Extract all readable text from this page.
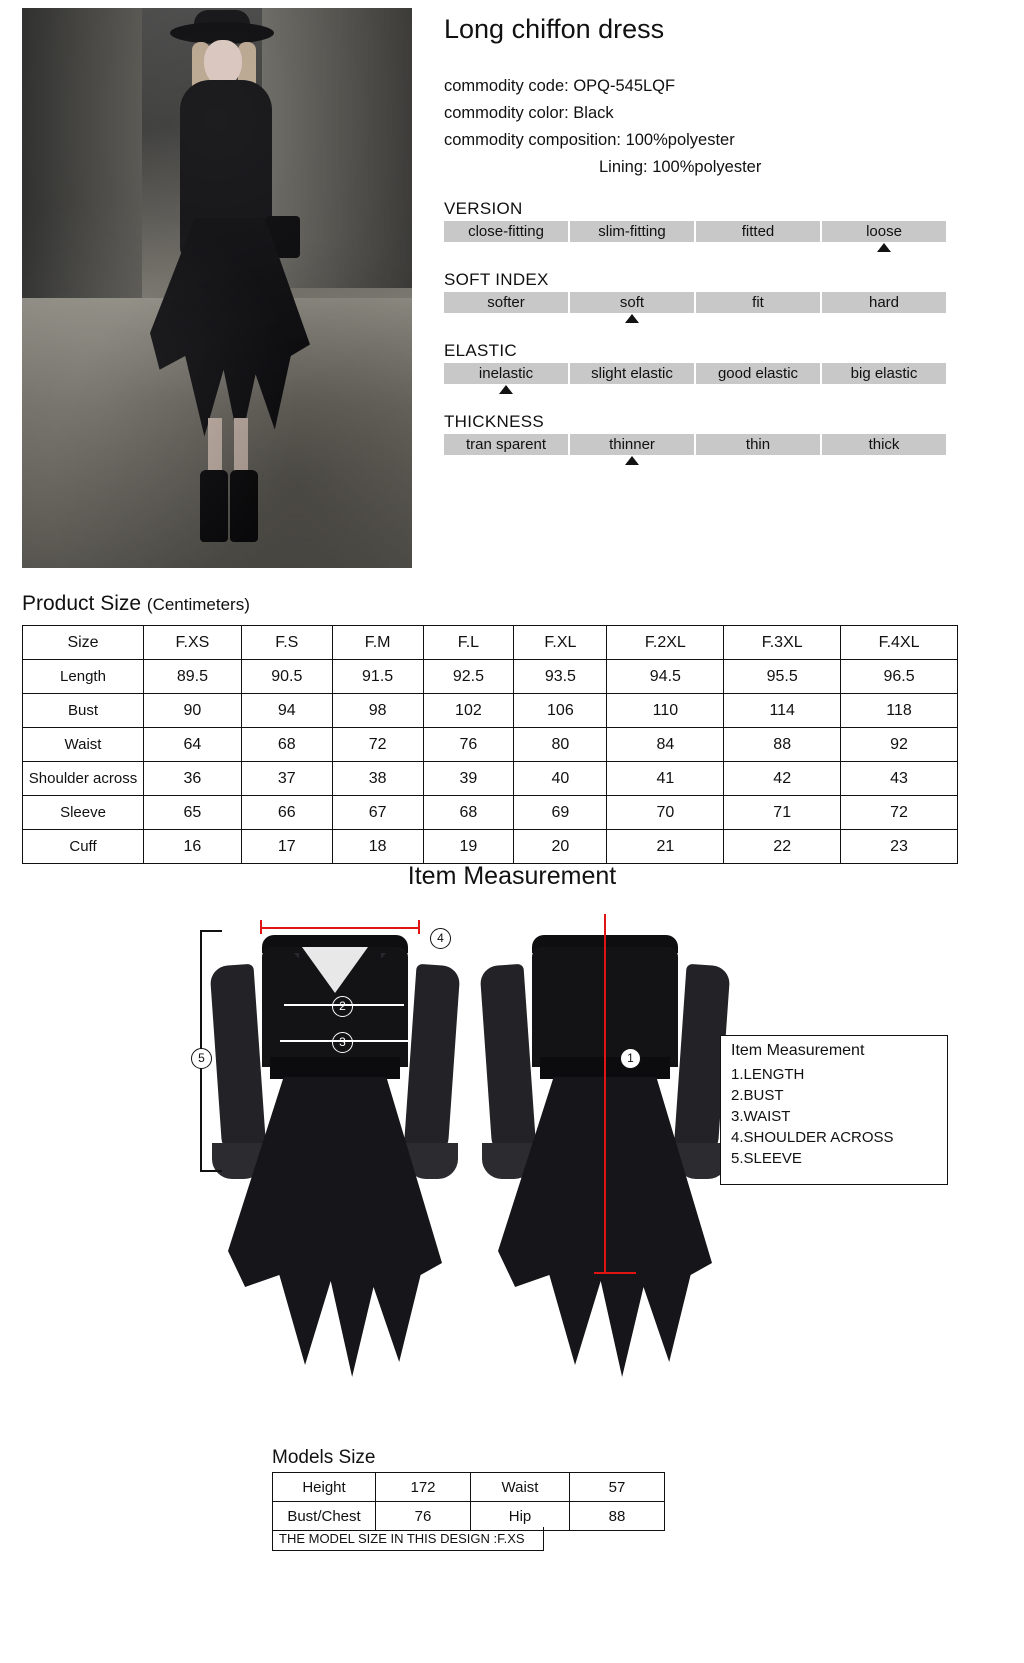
Long chiffon dress
commodity code: OPQ-545LQF
commodity color: Black
commodity composition: 100%polyester
Lining: 100%polyester
VERSION
close-fitting	slim-fitting	fitted	loose
SOFT INDEX
softer	soft	fit	hard
ELASTIC
inelastic	slight elastic	good elastic	big elastic
THICKNESS
tran sparent	thinner	thin	thick
Product Size (Centimeters)
Size	F.XS	F.S	F.M	F.L	F.XL	F.2XL	F.3XL	F.4XL
Length	89.5	90.5	91.5	92.5	93.5	94.5	95.5	96.5
Bust	90	94	98	102	106	110	114	118
Waist	64	68	72	76	80	84	88	92
Shoulder across	36	37	38	39	40	41	42	43
Sleeve	65	66	67	68	69	70	71	72
Cuff	16	17	18	19	20	21	22	23
Item Measurement
4
2
3
5	1	Item Measurement
1.LENGTH
2.BUST
3.WAIST
4.SHOULDER ACROSS
5.SLEEVE
Models Size
Height	172	Waist	57
Bust/Chest	76	Hip	88
THE MODEL SIZE IN THIS DESIGN :F.XS
